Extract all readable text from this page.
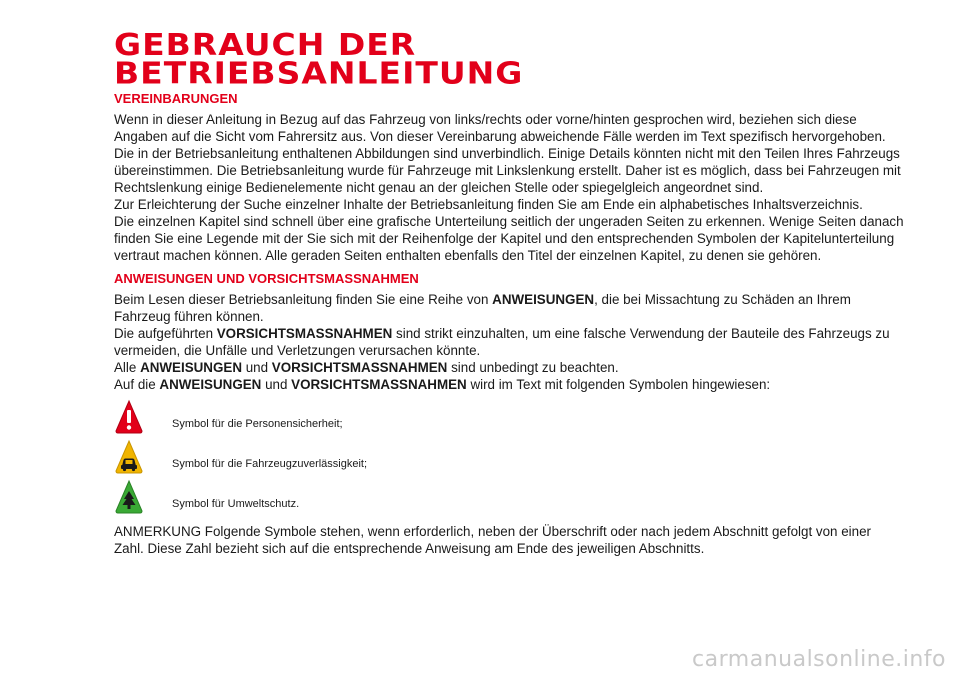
GEBRAUCH DER
BETRIEBSANLEITUNG
VEREINBARUNGEN

Wenn in dieser Anleitung in Bezug auf das Fahrzeug von links/rechts oder vorne/hinten gesprochen wird, beziehen sich diese Angaben auf die Sicht vom Fahrersitz aus. Von dieser Vereinbarung abweichende Fälle werden im Text spezifisch hervorgehoben.

Die in der Betriebsanleitung enthaltenen Abbildungen sind unverbindlich. Einige Details könnten nicht mit den Teilen Ihres Fahrzeugs übereinstimmen. Die Betriebsanleitung wurde für Fahrzeuge mit Linkslenkung erstellt. Daher ist es möglich, dass bei Fahrzeugen mit Rechtslenkung einige Bedienelemente nicht genau an der gleichen Stelle oder spiegelgleich angeordnet sind.

Zur Erleichterung der Suche einzelner Inhalte der Betriebsanleitung finden Sie am Ende ein alphabetisches Inhaltsverzeichnis.

Die einzelnen Kapitel sind schnell über eine grafische Unterteilung seitlich der ungeraden Seiten zu erkennen. Wenige Seiten danach finden Sie eine Legende mit der Sie sich mit der Reihenfolge der Kapitel und den entsprechenden Symbolen der Kapitelunterteilung vertraut machen können. Alle geraden Seiten enthalten ebenfalls den Titel der einzelnen Kapitel, zu denen sie gehören.

ANWEISUNGEN UND VORSICHTSMASSNAHMEN

Beim Lesen dieser Betriebsanleitung finden Sie eine Reihe von ANWEISUNGEN, die bei Missachtung zu Schäden an Ihrem Fahrzeug führen können.

Die aufgeführten VORSICHTSMASSNAHMEN sind strikt einzuhalten, um eine falsche Verwendung der Bauteile des Fahrzeugs zu vermeiden, die Unfälle und Verletzungen verursachen könnte.

Alle ANWEISUNGEN und VORSICHTSMASSNAHMEN sind unbedingt zu beachten.

Auf die ANWEISUNGEN und VORSICHTSMASSNAHMEN wird im Text mit folgenden Symbolen hingewiesen:

Symbol für die Personensicherheit;
Symbol für die Fahrzeugzuverlässigkeit;
Symbol für Umweltschutz.

ANMERKUNG Folgende Symbole stehen, wenn erforderlich, neben der Überschrift oder nach jedem Abschnitt gefolgt von einer Zahl. Diese Zahl bezieht sich auf die entsprechende Anweisung am Ende des jeweiligen Abschnitts.

carmanualsonline.info
